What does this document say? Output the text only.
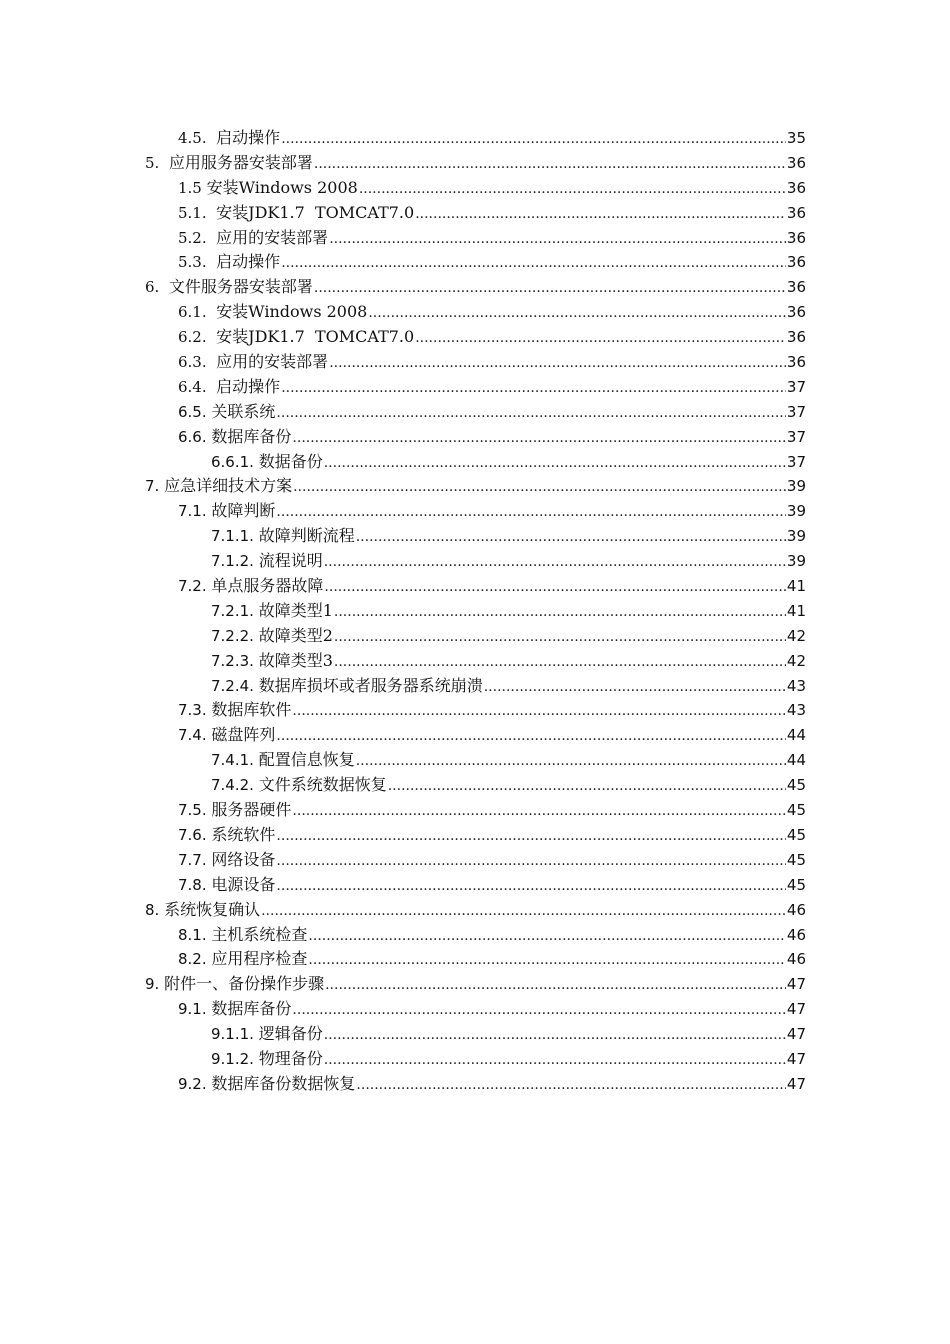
4.5. 启动操作 .....	35
5. 应用服务器安装部署 .....	36
1.5 安装Windows 2008 .....	36
5.1. 安装JDK1.7  TOMCAT7.0 .....	36
5.2. 应用的安装部署 .....	36
5.3. 启动操作 .....	36
6. 文件服务器安装部署 .....	36
6.1. 安装Windows 2008 .....	36
6.2. 安装JDK1.7  TOMCAT7.0 .....	36
6.3. 应用的安装部署 .....	36
6.4. 启动操作 .....	37
6.5. 关联系统 .....	37
6.6. 数据库备份 .....	37
6.6.1. 数据备份 .....	37
7. 应急详细技术方案 .....	39
7.1. 故障判断 .....	39
7.1.1. 故障判断流程 .....	39
7.1.2. 流程说明 .....	39
7.2. 单点服务器故障 .....	41
7.2.1. 故障类型1 .....	41
7.2.2. 故障类型2 .....	42
7.2.3. 故障类型3 .....	42
7.2.4. 数据库损坏或者服务器系统崩溃 .....	43
7.3. 数据库软件 .....	43
7.4. 磁盘阵列 .....	44
7.4.1. 配置信息恢复 .....	44
7.4.2. 文件系统数据恢复 .....	45
7.5. 服务器硬件 .....	45
7.6. 系统软件 .....	45
7.7. 网络设备 .....	45
7.8. 电源设备 .....	45
8. 系统恢复确认 .....	46
8.1. 主机系统检查 .....	46
8.2. 应用程序检查 .....	46
9. 附件一、备份操作步骤 .....	47
9.1. 数据库备份 .....	47
9.1.1. 逻辑备份 .....	47
9.1.2. 物理备份 .....	47
9.2. 数据库备份数据恢复 .....	47
